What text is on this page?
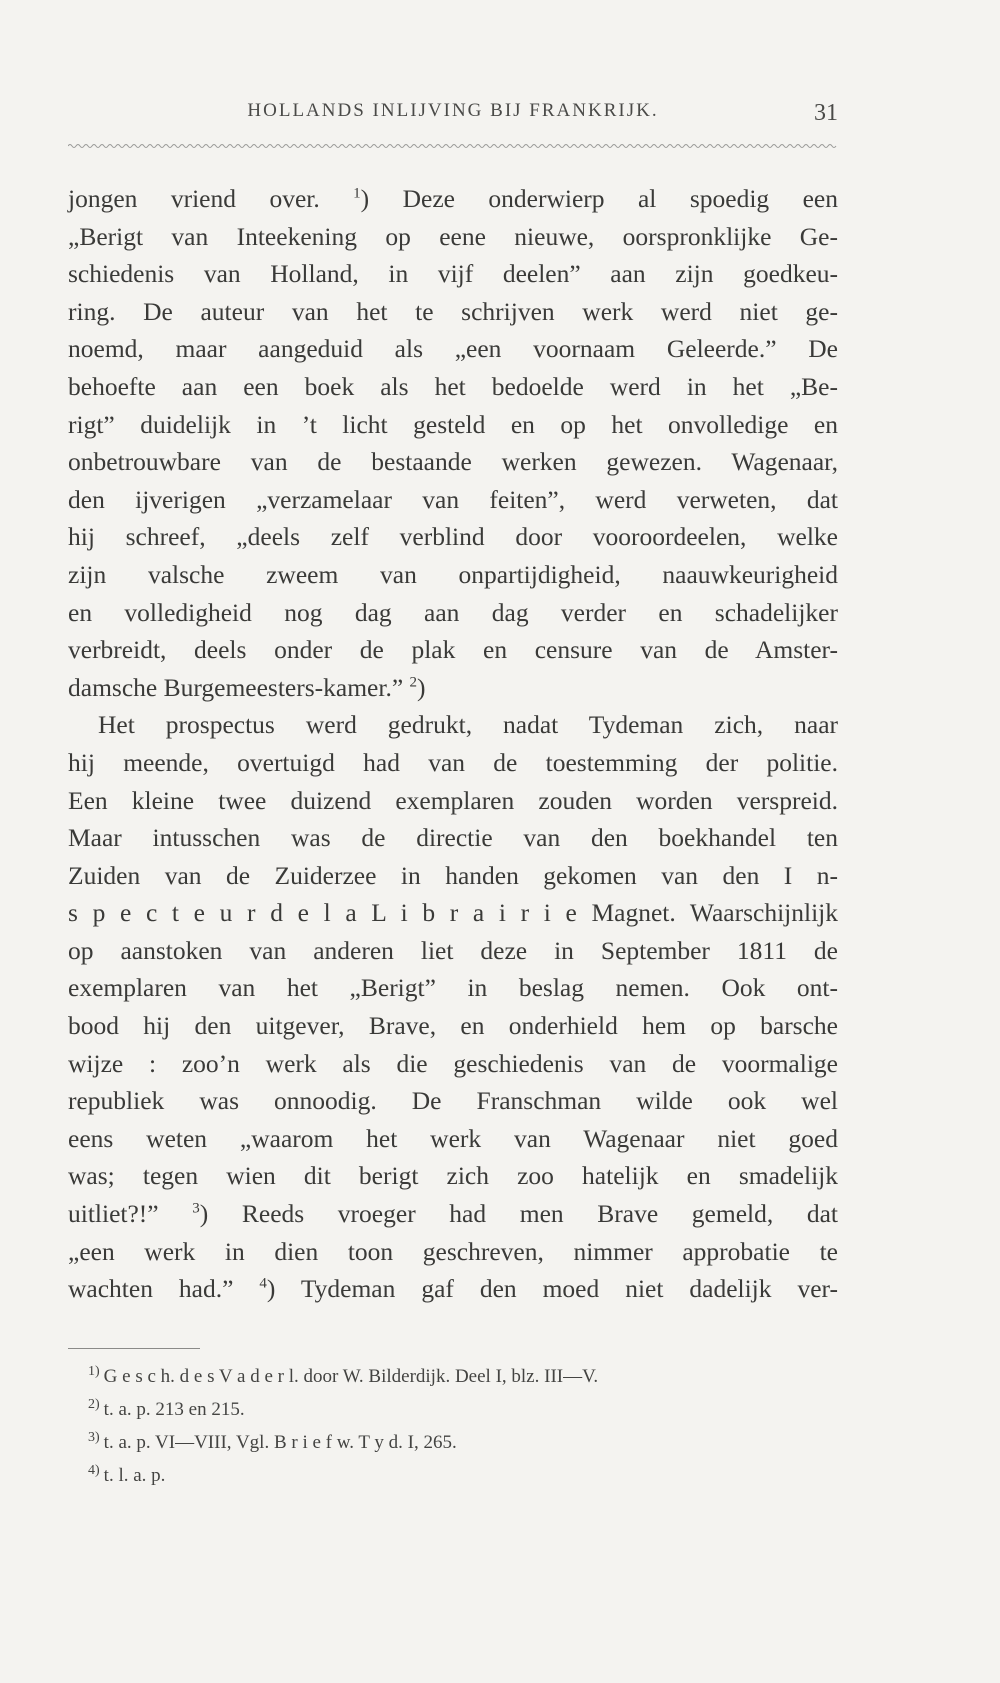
HOLLANDS INLIJVING BIJ FRANKRIJK.	31
jongen vriend over. $^1$) Deze onderwierp al spoedig een
„Berigt van Inteekening op eene nieuwe, oorspronklijke Ge-
schiedenis van Holland, in vijf deelen” aan zijn goedkeu-
ring. De auteur van het te schrijven werk werd niet ge-
noemd, maar aangeduid als „een voornaam Geleerde.” De
behoefte aan een boek als het bedoelde werd in het „Be-
rigt” duidelijk in ’t licht gesteld en op het onvolledige en
onbetrouwbare van de bestaande werken gewezen. Wagenaar,
den ijverigen „verzamelaar van feiten”, werd verweten, dat
hij schreef, „deels zelf verblind door vooroordeelen, welke
zijn valsche zweem van onpartijdigheid, naauwkeurigheid
en volledigheid nog dag aan dag verder en schadelijker
verbreidt, deels onder de plak en censure van de Amster-
damsche Burgemeesters-kamer.” $^2$)
Het prospectus werd gedrukt, nadat Tydeman zich, naar
hij meende, overtuigd had van de toestemming der politie.
Een kleine twee duizend exemplaren zouden worden verspreid.
Maar intusschen was de directie van den boekhandel ten
Zuiden van de Zuiderzee in handen gekomen van den I n-
s p e c t e u r d e l a L i b r a i r i e Magnet. Waarschijnlijk
op aanstoken van anderen liet deze in September 1811 de
exemplaren van het „Berigt” in beslag nemen. Ook ont-
bood hij den uitgever, Brave, en onderhield hem op barsche
wijze : zoo’n werk als die geschiedenis van de voormalige
republiek was onnoodig. De Franschman wilde ook wel
eens weten „waarom het werk van Wagenaar niet goed
was; tegen wien dit berigt zich zoo hatelijk en smadelijk
uitliet?!” $^3$) Reeds vroeger had men Brave gemeld, dat
„een werk in dien toon geschreven, nimmer approbatie te
wachten had.” $^4$) Tydeman gaf den moed niet dadelijk ver-
$^{1)}$ G e s c h. d e s V a d e r l. door W. Bilderdijk. Deel I, blz. III—V.
$^{2)}$ t. a. p. 213 en 215.
$^{3)}$ t. a. p. VI—VIII, Vgl. B r i e f w. T y d. I, 265.
$^{4)}$ t. l. a. p.
